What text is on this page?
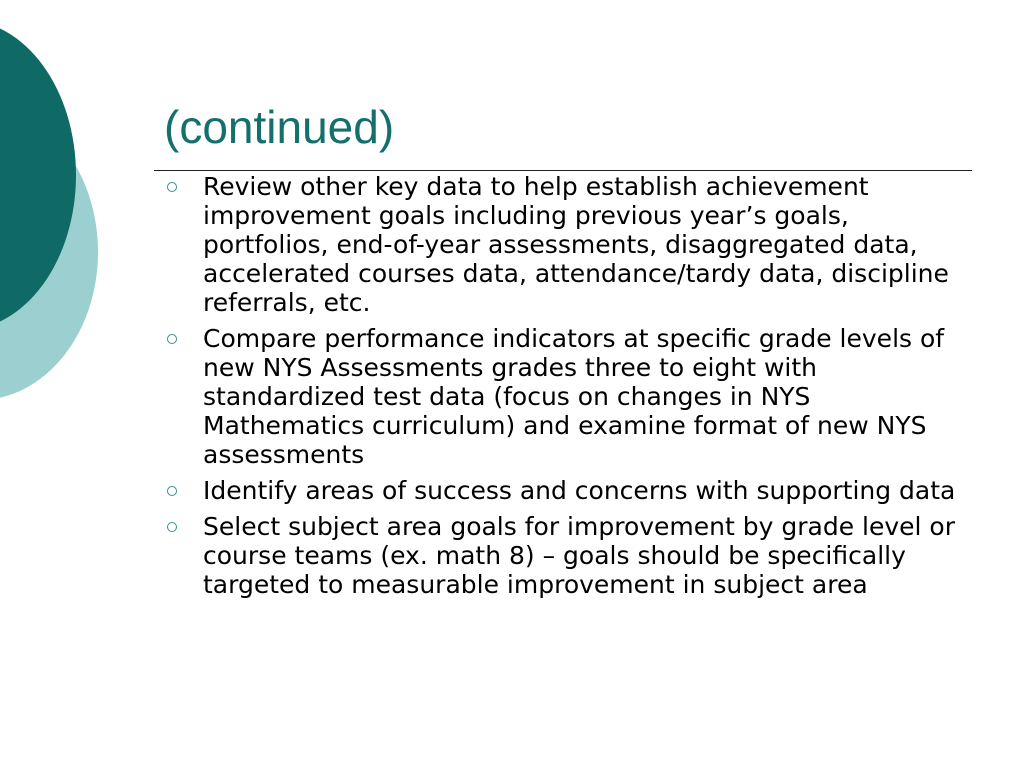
(continued)
Review other key data to help establish achievement improvement goals including previous year’s goals, portfolios, end-of-year assessments, disaggregated data, accelerated courses data, attendance/tardy data, discipline referrals, etc.
Compare performance indicators at specific grade levels of new NYS Assessments grades three to eight with standardized test data (focus on changes in NYS Mathematics curriculum) and examine format of new NYS assessments
Identify areas of success and concerns with supporting data
Select subject area goals for improvement by grade level or course teams (ex. math 8) – goals should be specifically targeted to measurable improvement in subject area
